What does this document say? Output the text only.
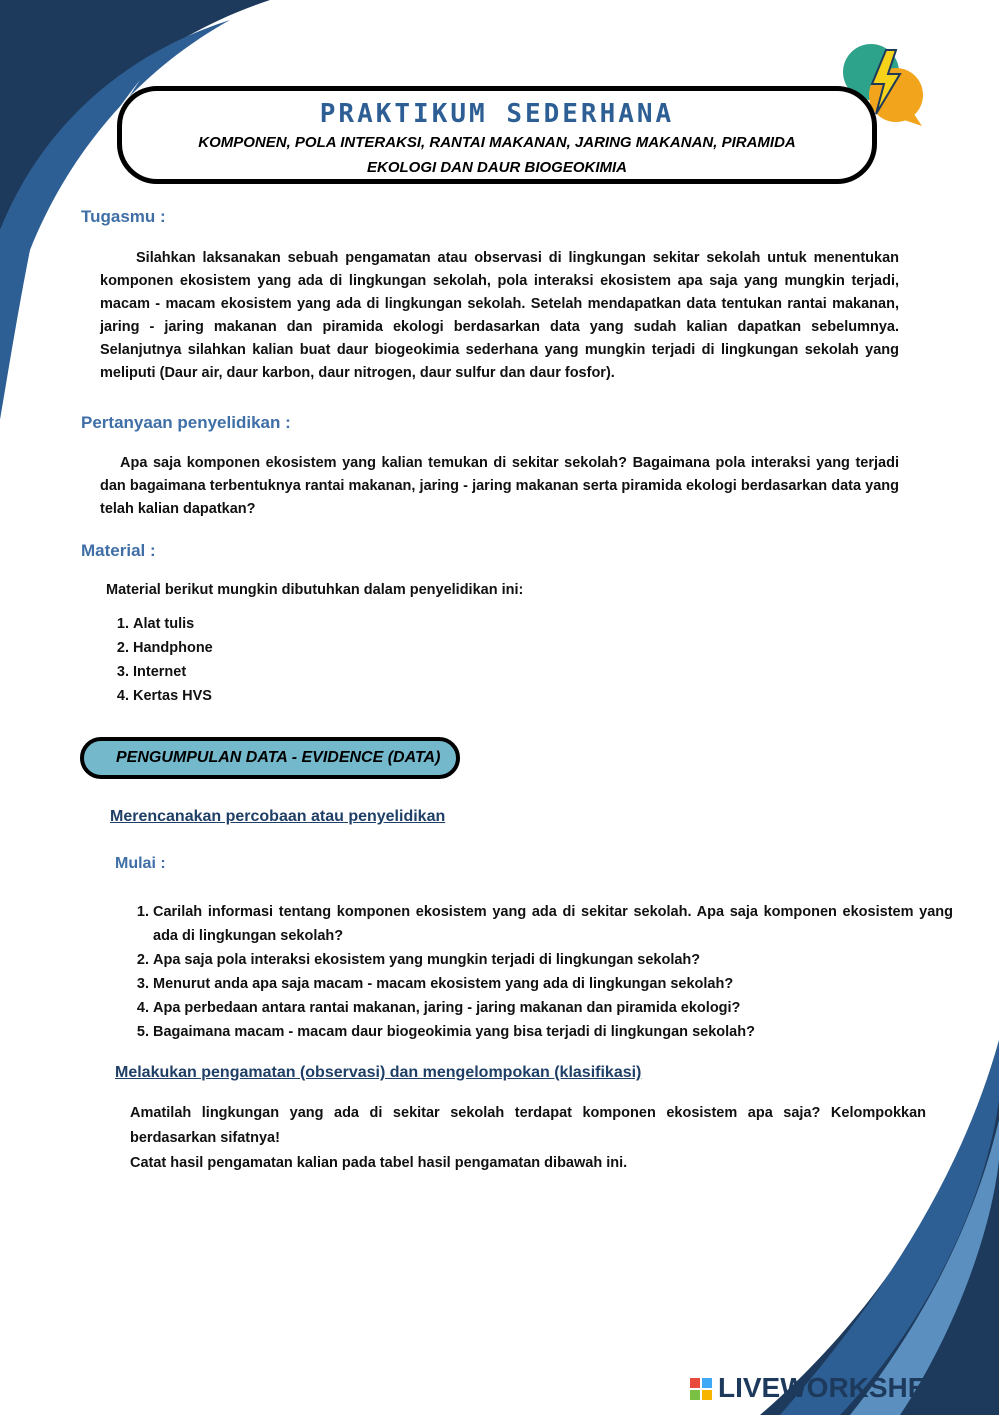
PRAKTIKUM SEDERHANA
KOMPONEN, POLA INTERAKSI, RANTAI MAKANAN, JARING MAKANAN, PIRAMIDA
EKOLOGI DAN DAUR BIOGEOKIMIA
Tugasmu :
Silahkan laksanakan sebuah pengamatan atau observasi di lingkungan sekitar sekolah untuk menentukan komponen ekosistem yang ada di lingkungan sekolah, pola interaksi ekosistem apa saja yang mungkin terjadi, macam - macam ekosistem yang ada di lingkungan sekolah. Setelah mendapatkan data tentukan rantai makanan, jaring - jaring makanan dan piramida ekologi berdasarkan data yang sudah kalian dapatkan sebelumnya. Selanjutnya silahkan kalian buat daur biogeokimia sederhana yang mungkin terjadi di lingkungan sekolah yang meliputi (Daur air, daur karbon, daur nitrogen, daur sulfur dan daur fosfor).
Pertanyaan penyelidikan :
Apa saja komponen ekosistem yang kalian temukan di sekitar sekolah? Bagaimana pola interaksi yang terjadi dan bagaimana terbentuknya rantai makanan, jaring - jaring makanan serta piramida ekologi berdasarkan data yang telah kalian dapatkan?
Material :
Material berikut mungkin dibutuhkan dalam penyelidikan ini:
1. Alat tulis
2. Handphone
3. Internet
4. Kertas HVS
PENGUMPULAN DATA - EVIDENCE (DATA)
Merencanakan percobaan atau penyelidikan
Mulai :
1. Carilah informasi tentang komponen ekosistem yang ada di sekitar sekolah. Apa saja komponen ekosistem yang ada di lingkungan sekolah?
2. Apa saja pola interaksi ekosistem yang mungkin terjadi di lingkungan sekolah?
3. Menurut anda apa saja macam - macam ekosistem yang ada di lingkungan sekolah?
4. Apa perbedaan antara rantai makanan, jaring - jaring makanan dan piramida ekologi?
5. Bagaimana macam - macam daur biogeokimia yang bisa terjadi di lingkungan sekolah?
Melakukan pengamatan (observasi) dan mengelompokan (klasifikasi)
Amatilah lingkungan yang ada di sekitar sekolah terdapat komponen ekosistem apa saja? Kelompokkan berdasarkan sifatnya!
Catat hasil pengamatan kalian pada tabel hasil pengamatan dibawah ini.
LIVEWORKSHEETS
